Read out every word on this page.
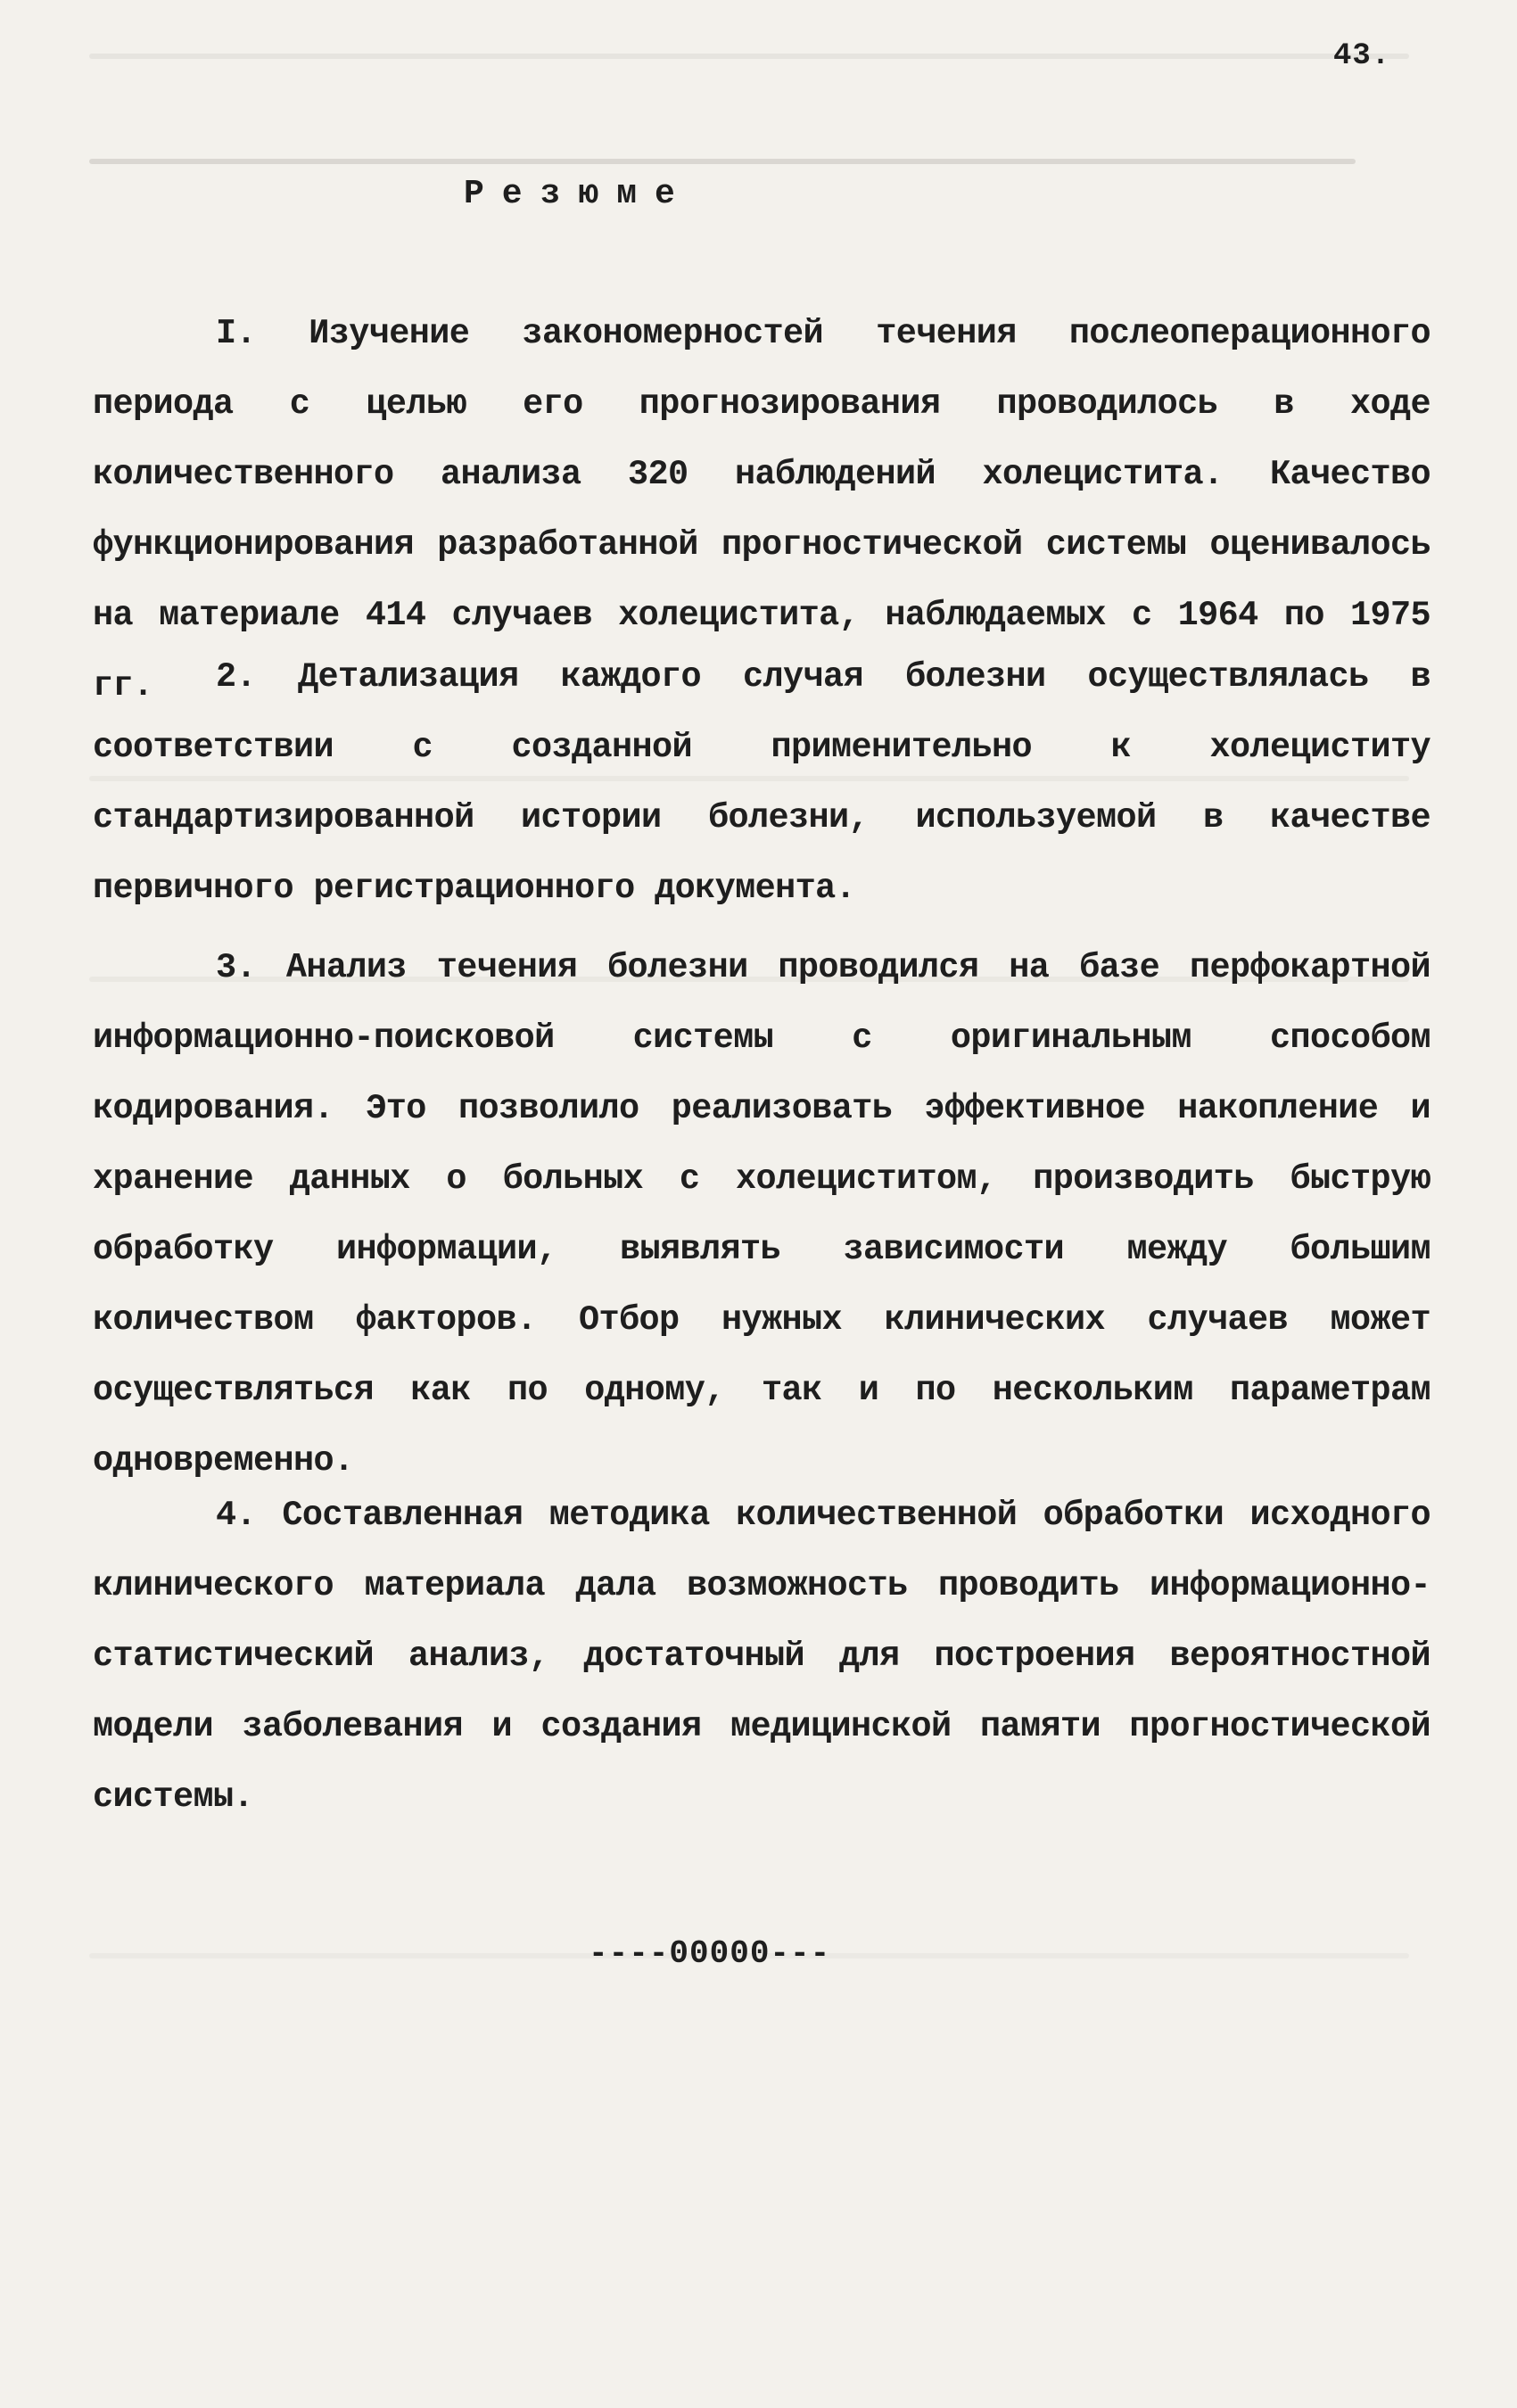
43.
Резюме

I. Изучение закономерностей течения послеоперационного периода с целью его прогнозирования проводилось в ходе количественного анализа 320 наблюдений холецистита. Качество функционирования разработанной прогностической системы оценивалось на материале 414 случаев холецистита, наблюдаемых с 1964 по 1975 гг.	2. Детализация каждого случая болезни осуществлялась в соответствии с созданной применительно к холециститу стандартизированной истории болезни, используемой в качестве первичного регистрационного документа.

3. Анализ течения болезни проводился на базе перфокартной информационно-поисковой системы с оригинальным способом кодирования. Это позволило реализовать эффективное накопление и хранение данных о больных с холециститом, производить быструю обработку информации, выявлять зависимости между большим количеством факторов. Отбор нужных клинических случаев может осуществляться как по одному, так и по нескольким параметрам одновременно.

4. Составленная методика количественной обработки исходного клинического материала дала возможность проводить информационно-статистический анализ, достаточный для построения вероятностной модели заболевания и создания медицинской памяти прогностической системы.

----00000---
